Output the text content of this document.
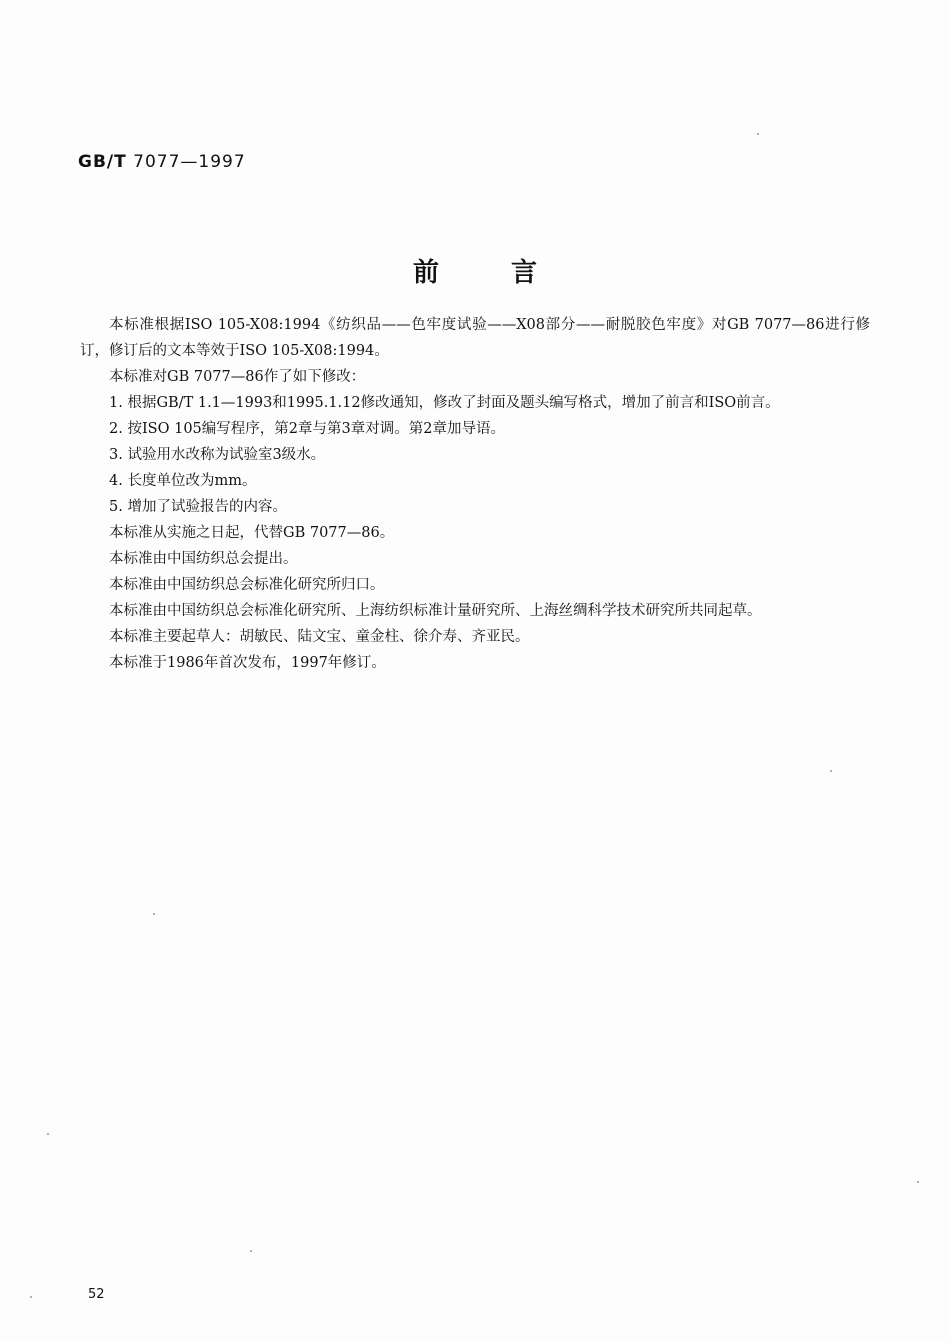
GB/T 7077—1997
前言

本标准根据ISO 105-X08:1994《纺织品——色牢度试验——X08部分——耐脱胶色牢度》对GB 7077—86进行修订，修订后的文本等效于ISO 105-X08:1994。

本标准对GB 7077—86作了如下修改：

1. 根据GB/T 1.1—1993和1995.1.12修改通知，修改了封面及题头编写格式，增加了前言和ISO前言。

2. 按ISO 105编写程序，第2章与第3章对调。第2章加导语。

3. 试验用水改称为试验室3级水。

4. 长度单位改为mm。

5. 增加了试验报告的内容。

本标准从实施之日起，代替GB 7077—86。

本标准由中国纺织总会提出。

本标准由中国纺织总会标准化研究所归口。

本标准由中国纺织总会标准化研究所、上海纺织标准计量研究所、上海丝绸科学技术研究所共同起草。

本标准主要起草人：胡敏民、陆文宝、童金柱、徐介寿、齐亚民。

本标准于1986年首次发布，1997年修订。

52
